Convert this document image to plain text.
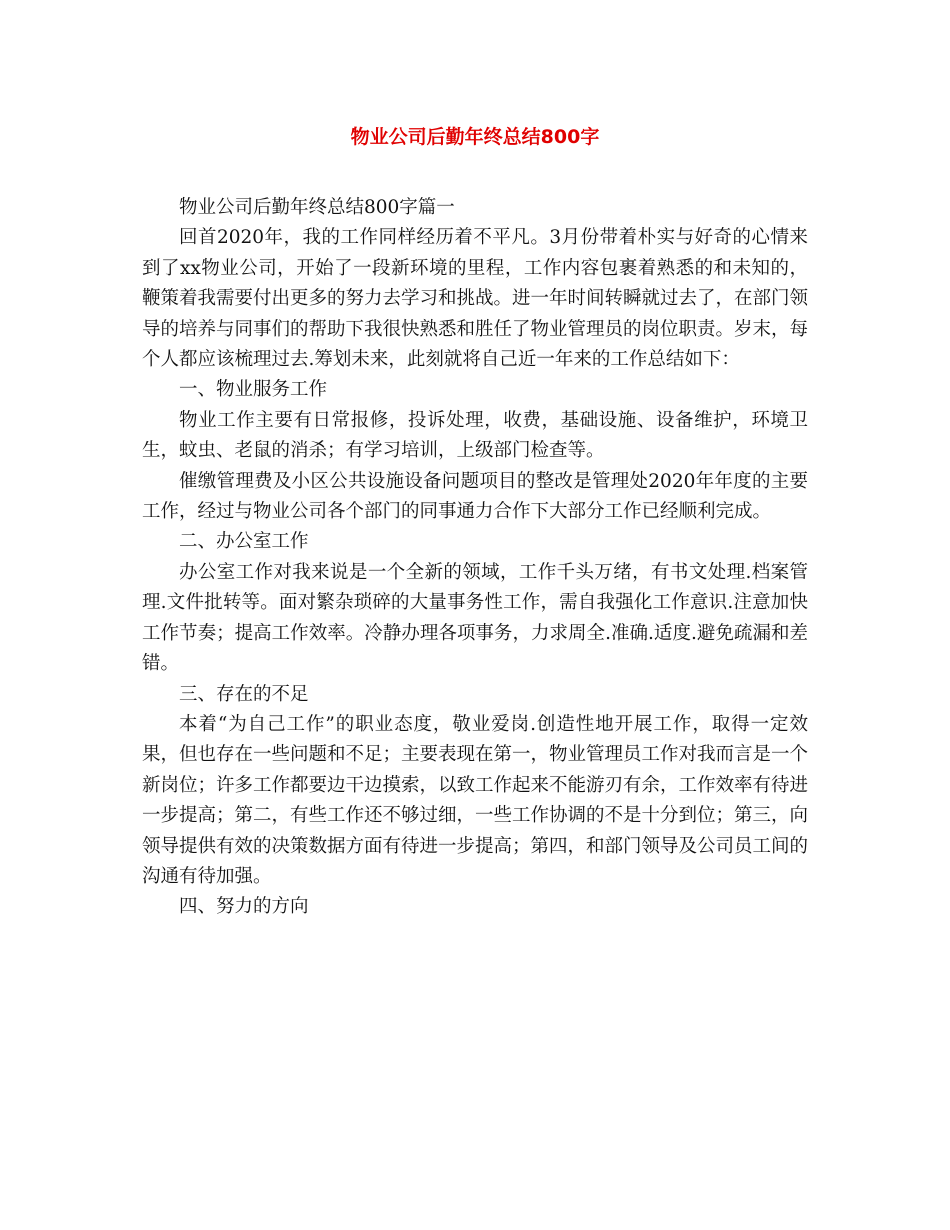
物业公司后勤年终总结800字

物业公司后勤年终总结800字篇一

回首2020年，我的工作同样经历着不平凡。3月份带着朴实与好奇的心情来到了xx物业公司，开始了一段新环境的里程，工作内容包裹着熟悉的和未知的，鞭策着我需要付出更多的努力去学习和挑战。进一年时间转瞬就过去了，在部门领导的培养与同事们的帮助下我很快熟悉和胜任了物业管理员的岗位职责。岁末，每个人都应该梳理过去.筹划未来，此刻就将自己近一年来的工作总结如下：

一、物业服务工作

物业工作主要有日常报修，投诉处理，收费，基础设施、设备维护，环境卫生，蚊虫、老鼠的消杀；有学习培训，上级部门检查等。

催缴管理费及小区公共设施设备问题项目的整改是管理处2020年年度的主要工作，经过与物业公司各个部门的同事通力合作下大部分工作已经顺利完成。

二、办公室工作

办公室工作对我来说是一个全新的领域，工作千头万绪，有书文处理.档案管理.文件批转等。面对繁杂琐碎的大量事务性工作，需自我强化工作意识.注意加快工作节奏；提高工作效率。冷静办理各项事务，力求周全.准确.适度.避免疏漏和差错。

三、存在的不足

本着“为自己工作”的职业态度，敬业爱岗.创造性地开展工作，取得一定效果，但也存在一些问题和不足；主要表现在第一，物业管理员工作对我而言是一个新岗位；许多工作都要边干边摸索，以致工作起来不能游刃有余，工作效率有待进一步提高；第二，有些工作还不够过细，一些工作协调的不是十分到位；第三，向领导提供有效的决策数据方面有待进一步提高；第四，和部门领导及公司员工间的沟通有待加强。

四、努力的方向
